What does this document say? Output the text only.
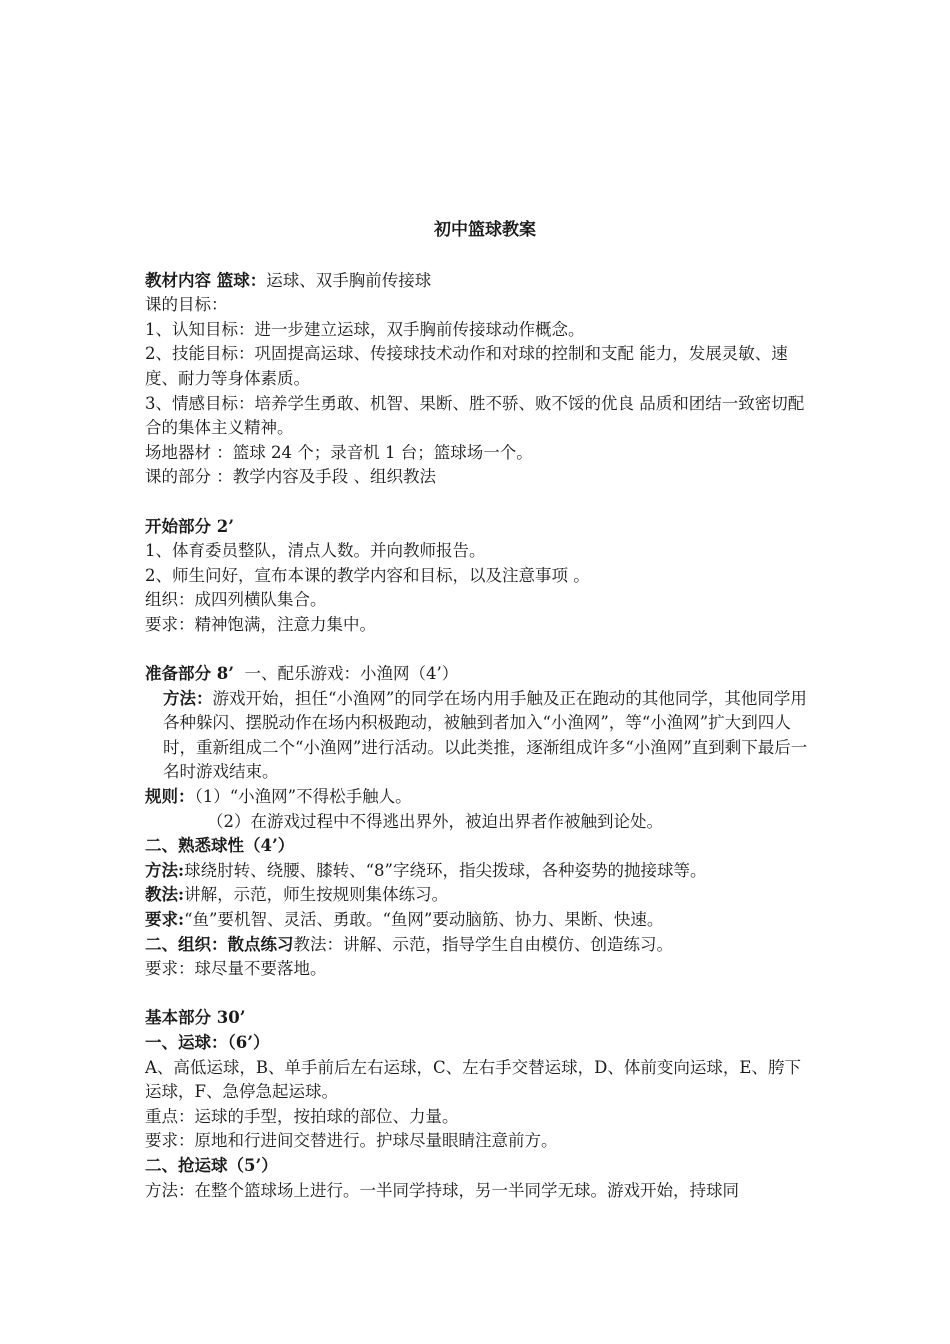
初中篮球教案

教材内容 篮球：运球、双手胸前传接球

课的目标：

1、认知目标：进一步建立运球，双手胸前传接球动作概念。

2、技能目标：巩固提高运球、传接球技术动作和对球的控制和支配 能力，发展灵敏、速度、耐力等身体素质。

3、情感目标：培养学生勇敢、机智、果断、胜不骄、败不馁的优良 品质和团结一致密切配合的集体主义精神。

场地器材 ：篮球 24 个；录音机 1 台；篮球场一个。

课的部分 ：教学内容及手段 、组织教法

开始部分 2’

1、体育委员整队，清点人数。并向教师报告。

2、师生问好，宣布本课的教学内容和目标，以及注意事项 。

组织：成四列横队集合。

要求：精神饱满，注意力集中。

准备部分 8’  一、配乐游戏：小渔网（4’）

方法：游戏开始，担任“小渔网”的同学在场内用手触及正在跑动的其他同学，其他同学用各种躲闪、摆脱动作在场内积极跑动，被触到者加入“小渔网”，等“小渔网”扩大到四人时，重新组成二个“小渔网”进行活动。以此类推，逐渐组成许多“小渔网”直到剩下最后一名时游戏结束。

规则：（1）“小渔网”不得松手触人。

（2）在游戏过程中不得逃出界外，被迫出界者作被触到论处。

二、熟悉球性（4’）

方法:球绕肘转、绕腰、膝转、“8”字绕环，指尖拨球，各种姿势的抛接球等。

教法:讲解，示范，师生按规则集体练习。

要求:“鱼”要机智、灵活、勇敢。“鱼网”要动脑筋、协力、果断、快速。

二、组织：散点练习教法：讲解、示范，指导学生自由模仿、创造练习。

要求：球尽量不要落地。

基本部分 30’

一、运球：（6’）

A、高低运球，B、单手前后左右运球，C、左右手交替运球，D、体前变向运球，E、胯下运球，F、急停急起运球。

重点：运球的手型，按拍球的部位、力量。

要求：原地和行进间交替进行。护球尽量眼睛注意前方。

二、抢运球（5’）

方法：在整个篮球场上进行。一半同学持球，另一半同学无球。游戏开始，持球同
